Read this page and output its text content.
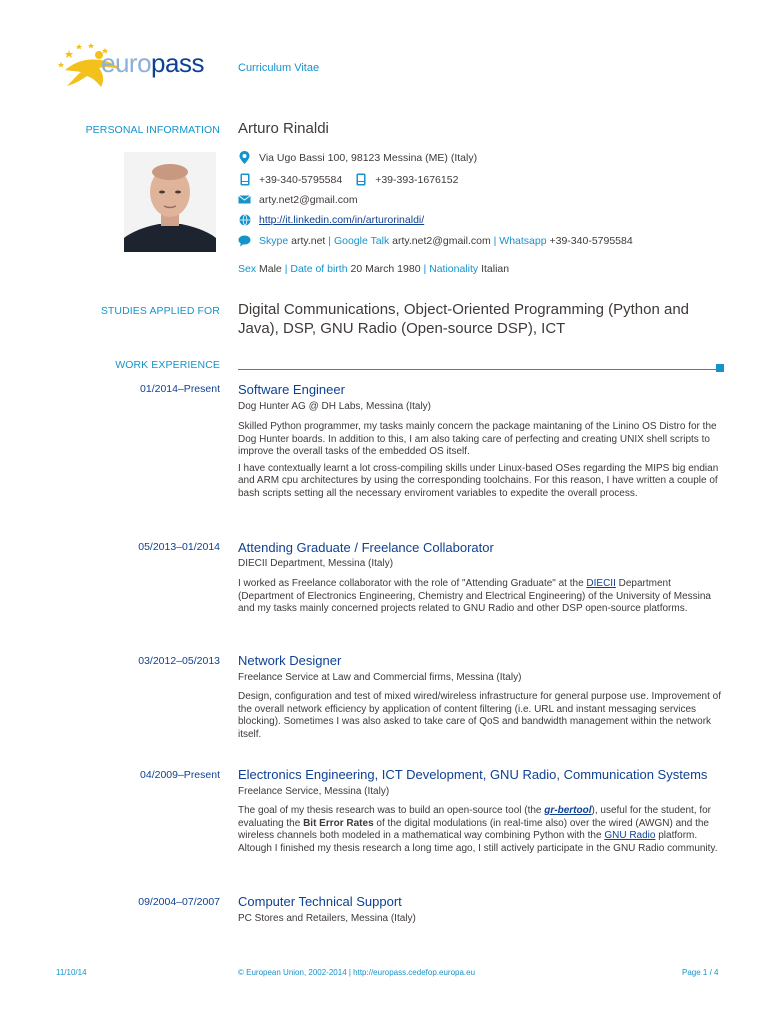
europass	Curriculum Vitae
PERSONAL INFORMATION Arturo Rinaldi
Via Ugo Bassi 100, 98123 Messina (ME) (Italy)
+39-340-5795584	+39-393-1676152
arty.net2@gmail.com
http://it.linkedin.com/in/arturorinaldi/
Skype
arty.net
|
Google Talk
arty.net2@gmail.com
|
Whatsapp
+39-340-5795584
Sex
Male
|
Date of birth
20 March 1980
|
Nationality
Italian
STUDIES APPLIED FOR Digital Communications, Object-Oriented Programming (Python and
Java), DSP, GNU Radio (Open-source DSP), ICT
WORK EXPERIENCE
01/2014–Present Software Engineer
Dog Hunter AG @ DH Labs, Messina (Italy)
Skilled Python programmer, my tasks mainly concern the package maintaning of the Linino OS Distro for the Dog Hunter boards. In addition to this, I am also taking care of perfecting and creating UNIX shell scripts to improve the overall tasks of the embedded OS itself.
I have contextually learnt a lot cross-compiling skills under Linux-based OSes regarding the MIPS big endian and ARM cpu architectures by using the corresponding toolchains. For this reason, I have written a couple of bash scripts setting all the necessary enviroment variables to expedite the overall process.
05/2013–01/2014 Attending Graduate / Freelance Collaborator
DIECII Department, Messina (Italy)
I worked as Freelance collaborator with the role of "Attending Graduate" at the DIECII Department (Department of Electronics Engineering, Chemistry and Electrical Engineering) of the University of Messina and my tasks mainly concerned projects related to GNU Radio and other DSP open-source platforms.
03/2012–05/2013 Network Designer
Freelance Service at Law and Commercial firms, Messina (Italy)
Design, configuration and test of mixed wired/wireless infrastructure for general purpose use. Improvement of the overall network efficiency by application of content filtering (i.e. URL and instant messaging services blocking). Sometimes I was also asked to take care of QoS and bandwidth management within the network itself.
04/2009–Present Electronics Engineering, ICT Development, GNU Radio, Communication Systems
Freelance Service, Messina (Italy)
The goal of my thesis research was to build an open-source tool (the gr-bertool), useful for the student, for evaluating the Bit Error Rates of the digital modulations (in real-time also) over the wired (AWGN) and the wireless channels both modeled in a mathematical way combining Python with the GNU Radio platform. Altough I finished my thesis research a long time ago, I still actively participate in the GNU Radio community.
09/2004–07/2007 Computer Technical Support
PC Stores and Retailers, Messina (Italy)
11/10/14	© European Union, 2002-2014 | http://europass.cedefop.europa.eu	Page 1 / 4
